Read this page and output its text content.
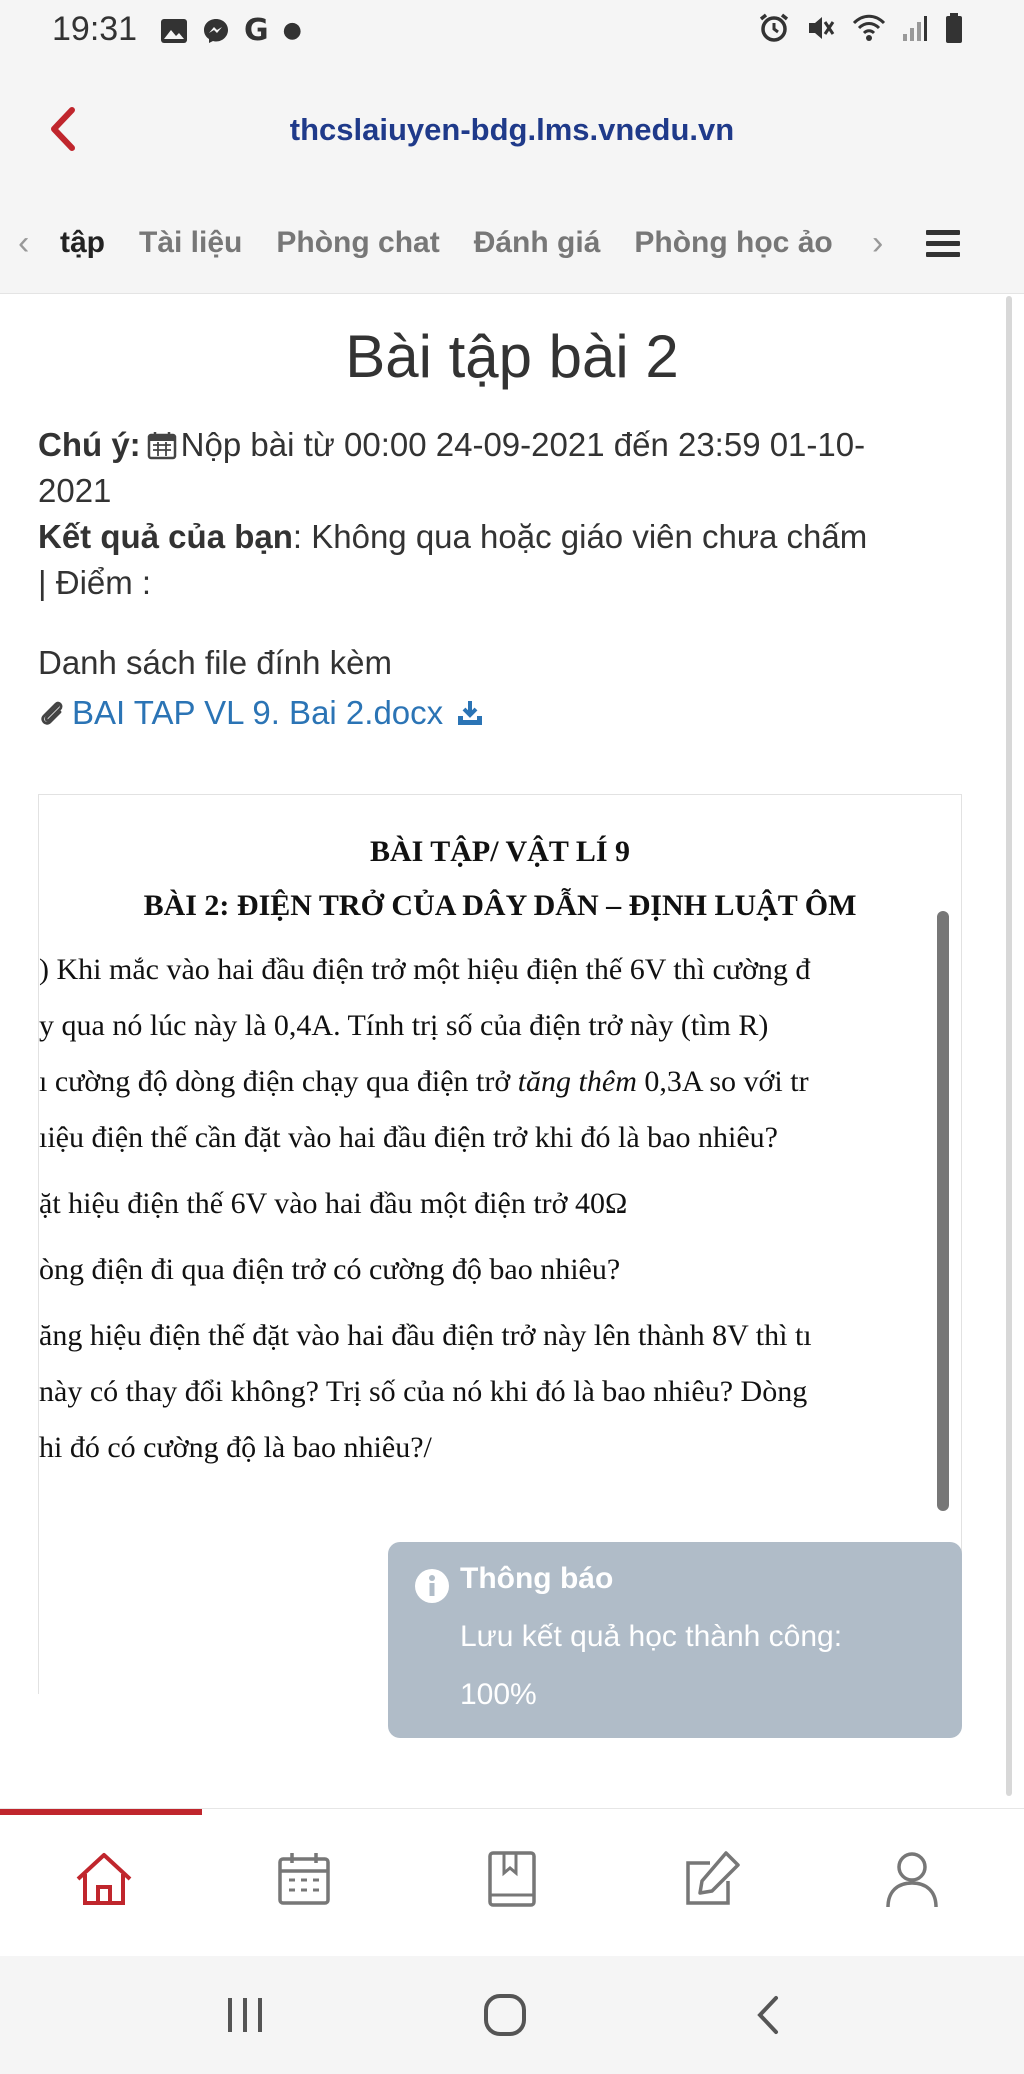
19:31	G ●
thcslaiuyen-bdg.lms.vnedu.vn
‹ tập Tài liệu Phòng chat Đánh giá Phòng học ảo ›
Bài tập bài 2
Chú ý: Nộp bài từ 00:00 24-09-2021 đến 23:59 01-10-
2021
Kết quả của bạn: Không qua hoặc giáo viên chưa chấm
| Điểm :
Danh sách file đính kèm
BAI TAP VL 9. Bai 2.docx
BÀI TẬP/ VẬT LÍ 9
BÀI 2: ĐIỆN TRỞ CỦA DÂY DẪN – ĐỊNH LUẬT ÔM
) Khi mắc vào hai đầu điện trở một hiệu điện thế 6V thì cường đ
y qua nó lúc này là 0,4A. Tính trị số của điện trở này (tìm R)
ı cường độ dòng điện chạy qua điện trở tăng thêm 0,3A so với tr
ıiệu điện thế cần đặt vào hai đầu điện trở khi đó là bao nhiêu?
ặt hiệu điện thế 6V vào hai đầu một điện trở 40Ω
òng điện đi qua điện trở có cường độ bao nhiêu?
ăng hiệu điện thế đặt vào hai đầu điện trở này lên thành 8V thì tı
này có thay đổi không? Trị số của nó khi đó là bao nhiêu? Dòng
hi đó có cường độ là bao nhiêu?/
Thông báo
Lưu kết quả học thành công:
100%
